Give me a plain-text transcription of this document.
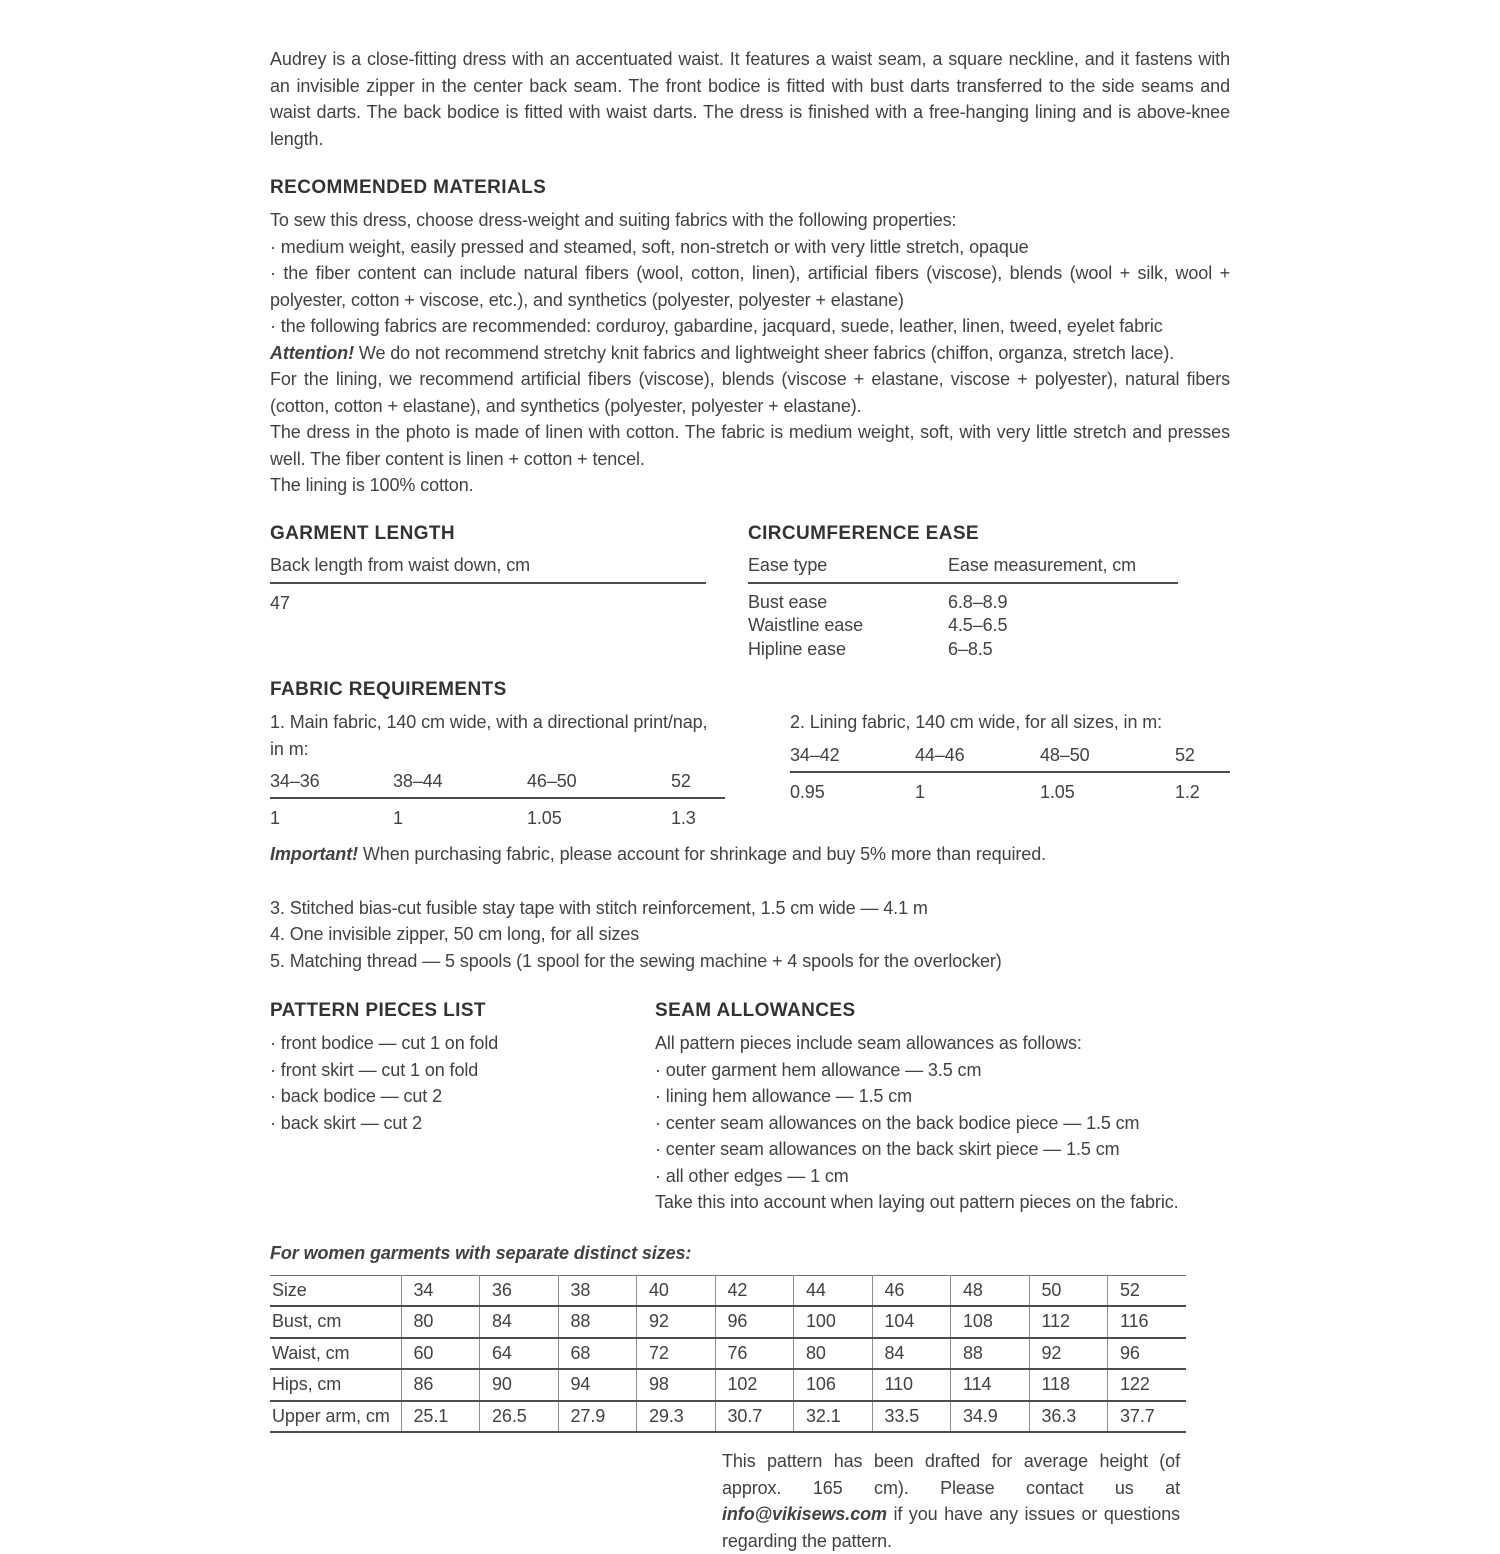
Audrey is a close-fitting dress with an accentuated waist. It features a waist seam, a square neckline, and it fastens with an invisible zipper in the center back seam. The front bodice is fitted with bust darts transferred to the side seams and waist darts. The back bodice is fitted with waist darts. The dress is finished with a free-hanging lining and is above-knee length.

RECOMMENDED MATERIALS

To sew this dress, choose dress-weight and suiting fabrics with the following properties:

· medium weight, easily pressed and steamed, soft, non-stretch or with very little stretch, opaque

· the fiber content can include natural fibers (wool, cotton, linen), artificial fibers (viscose), blends (wool + silk, wool + polyester, cotton + viscose, etc.), and synthetics (polyester, polyester + elastane)

· the following fabrics are recommended: corduroy, gabardine, jacquard, suede, leather, linen, tweed, eyelet fabric

Attention! We do not recommend stretchy knit fabrics and lightweight sheer fabrics (chiffon, organza, stretch lace).

For the lining, we recommend artificial fibers (viscose), blends (viscose + elastane, viscose + polyester), natural fibers (cotton, cotton + elastane), and synthetics (polyester, polyester + elastane).

The dress in the photo is made of linen with cotton. The fabric is medium weight, soft, with very little stretch and presses well. The fiber content is linen + cotton + tencel.

The lining is 100% cotton.

GARMENT LENGTH
Back length from waist down, cm
47
CIRCUMFERENCE EASE
Ease type	Ease measurement, cm
Bust ease	6.8–8.9
Waistline ease	4.5–6.5
Hipline ease	6–8.5
FABRIC REQUIREMENTS

1. Main fabric, 140 cm wide, with a directional print/nap, in m:

34–36	38–44	46–50	52
1	1	1.05	1.3

2. Lining fabric, 140 cm wide, for all sizes, in m:

34–42	44–46	48–50	52
0.95	1	1.05	1.2

Important! When purchasing fabric, please account for shrinkage and buy 5% more than required.

3. Stitched bias-cut fusible stay tape with stitch reinforcement, 1.5 cm wide — 4.1 m

4. One invisible zipper, 50 cm long, for all sizes

5. Matching thread — 5 spools (1 spool for the sewing machine + 4 spools for the overlocker)

PATTERN PIECES LIST

· front bodice — cut 1 on fold

· front skirt — cut 1 on fold

· back bodice — cut 2

· back skirt — cut 2

SEAM ALLOWANCES

All pattern pieces include seam allowances as follows:

· outer garment hem allowance — 3.5 cm

· lining hem allowance — 1.5 cm

· center seam allowances on the back bodice piece — 1.5 cm

· center seam allowances on the back skirt piece — 1.5 cm

· all other edges — 1 cm

Take this into account when laying out pattern pieces on the fabric.

For women garments with separate distinct sizes:
Size	34	36	38	40	42	44	46	48	50	52
Bust, cm	80	84	88	92	96	100	104	108	112	116
Waist, cm	60	64	68	72	76	80	84	88	92	96
Hips, cm	86	90	94	98	102	106	110	114	118	122
Upper arm, cm	25.1	26.5	27.9	29.3	30.7	32.1	33.5	34.9	36.3	37.7

This pattern has been drafted for average height (of approx. 165 cm). Please contact us at info@vikisews.com if you have any issues or questions regarding the pattern.
